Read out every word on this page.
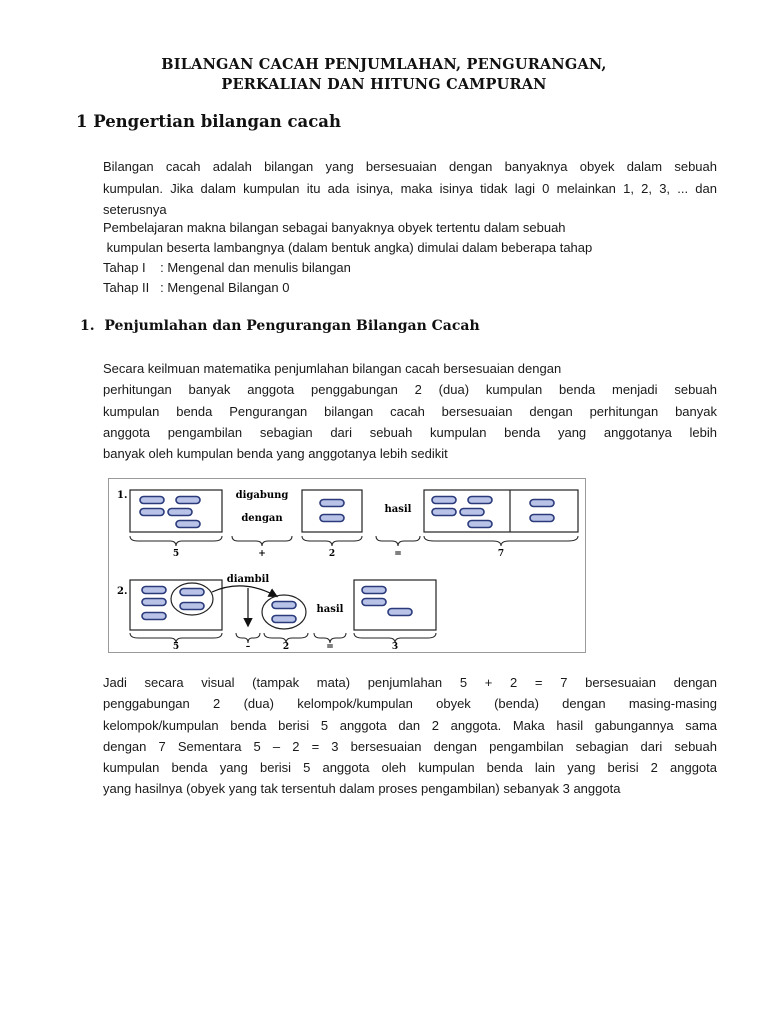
BILANGAN CACAH PENJUMLAHAN, PENGURANGAN,
PERKALIAN DAN HITUNG CAMPURAN
1 Pengertian bilangan cacah
Bilangan cacah adalah bilangan yang bersesuaian dengan banyaknya obyek dalam sebuah
kumpulan. Jika dalam kumpulan itu ada isinya, maka isinya tidak lagi 0 melainkan 1, 2, 3, ... dan
seterusnya
Pembelajaran makna bilangan sebagai banyaknya obyek tertentu dalam sebuah
kumpulan beserta lambangnya (dalam bentuk angka) dimulai dalam beberapa tahap
Tahap I    : Mengenal dan menulis bilangan
Tahap II   : Mengenal Bilangan 0
1.  Penjumlahan dan Pengurangan Bilangan Cacah
Secara keilmuan matematika penjumlahan bilangan cacah bersesuaian dengan
perhitungan banyak anggota penggabungan 2 (dua) kumpulan benda menjadi sebuah
kumpulan benda Pengurangan bilangan cacah bersesuaian dengan perhitungan banyak
anggota pengambilan sebagian dari sebuah kumpulan benda yang anggotanya lebih
banyak oleh kumpulan benda yang anggotanya lebih sedikit
1.
5
digabung
dengan
+	2
hasil
=	7
2.
5
diambil
–	2
hasil
=	3
Jadi secara visual (tampak mata) penjumlahan 5 + 2 = 7 bersesuaian dengan
penggabungan 2 (dua) kelompok/kumpulan obyek (benda) dengan masing-masing
kelompok/kumpulan benda berisi 5 anggota dan 2 anggota. Maka hasil gabungannya sama
dengan 7 Sementara 5 – 2 = 3 bersesuaian dengan pengambilan sebagian dari sebuah
kumpulan benda yang berisi 5 anggota oleh kumpulan benda lain yang berisi 2 anggota
yang hasilnya (obyek yang tak tersentuh dalam proses pengambilan) sebanyak 3 anggota
